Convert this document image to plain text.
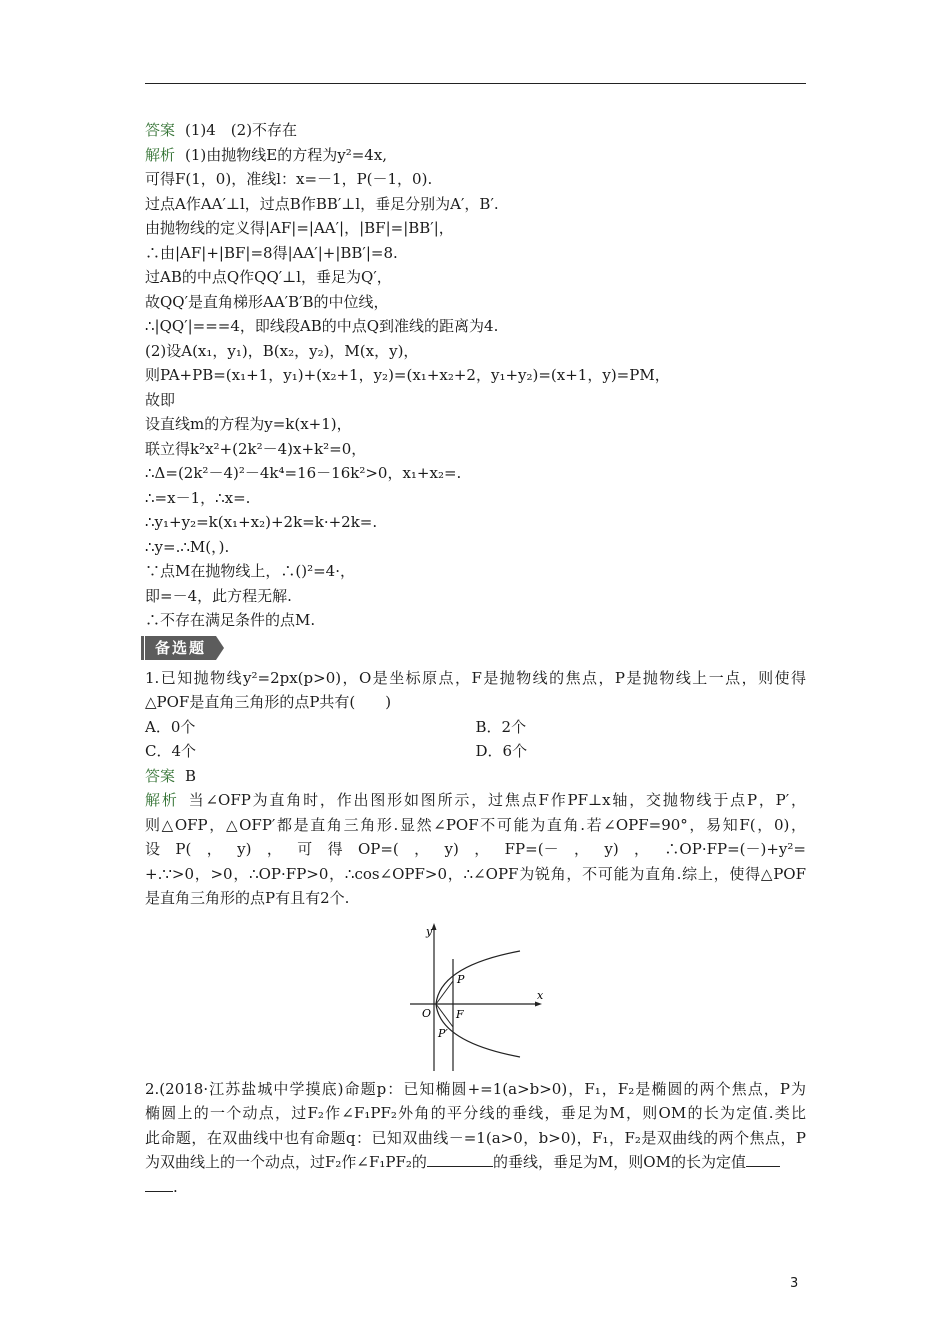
答案 (1)4　(2)不存在
解析 (1)由抛物线E的方程为y²=4x,
可得F(1，0)，准线l：x=－1，P(－1，0).
过点A作AA′⊥l，过点B作BB′⊥l，垂足分别为A′，B′.
由抛物线的定义得|AF|=|AA′|，|BF|=|BB′|，
∴由|AF|+|BF|=8得|AA′|+|BB′|=8.
过AB的中点Q作QQ′⊥l，垂足为Q′，
故QQ′是直角梯形AA′B′B的中位线，
∴|QQ′|===4，即线段AB的中点Q到准线的距离为4.
(2)设A(x₁，y₁)，B(x₂，y₂)，M(x，y)，
则PA+PB=(x₁+1，y₁)+(x₂+1，y₂)=(x₁+x₂+2，y₁+y₂)=(x+1，y)=PM，
故即
设直线m的方程为y=k(x+1)，
联立得k²x²+(2k²－4)x+k²=0，
∴Δ=(2k²－4)²－4k⁴=16－16k²>0，x₁+x₂=.
∴=x－1，∴x=.
∴y₁+y₂=k(x₁+x₂)+2k=k·+2k=.
∴y=.∴M(，).
∵点M在抛物线上，∴()²=4·，
即=－4，此方程无解.
∴不存在满足条件的点M.
备选题
1.已知抛物线y²=2px(p>0)，O是坐标原点，F是抛物线的焦点，P是抛物线上一点，则使得
△POF是直角三角形的点P共有(　　)
A．0个	B．2个
C．4个	D．6个
答案 B
解析 当∠OFP为直角时，作出图形如图所示，过焦点F作PF⊥x轴，交抛物线于点P，P′，
则△OFP，△OFP′都是直角三角形.显然∠POF不可能为直角.若∠OPF=90°，易知F(，0)，
设P(，y)，可得OP=(，y)，FP=(－，y)，∴OP·FP=(－)+y²=
+.∵>0，>0，∴OP·FP>0，∴cos∠OPF>0，∴∠OPF为锐角，不可能为直角.综上，使得△POF
是直角三角形的点P有且有2个.
y
x
O F
P
P′
2.(2018·江苏盐城中学摸底)命题p：已知椭圆+=1(a>b>0)，F₁，F₂是椭圆的两个焦点，P为
椭圆上的一个动点，过F₂作∠F₁PF₂外角的平分线的垂线，垂足为M，则OM的长为定值.类比
此命题，在双曲线中也有命题q：已知双曲线－=1(a>0，b>0)，F₁，F₂是双曲线的两个焦点，P
为双曲线上的一个动点，过F₂作∠F₁PF₂的	的垂线，垂足为M，则OM的长为定值
.
3
